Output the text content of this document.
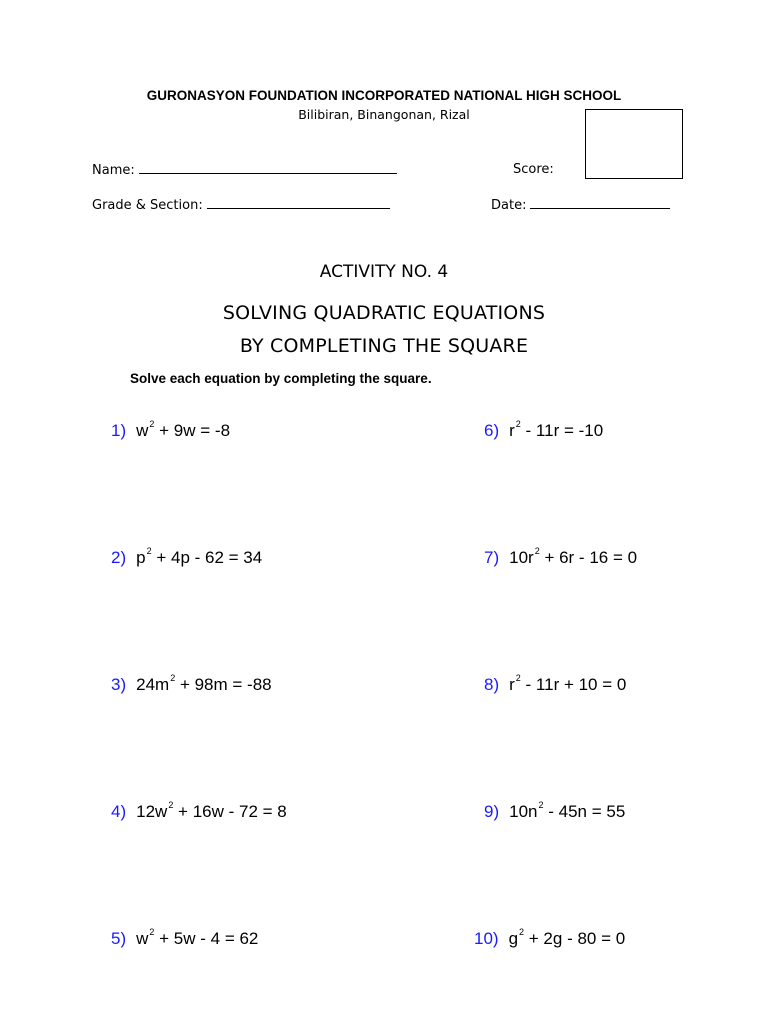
GURONASYON FOUNDATION INCORPORATED NATIONAL HIGH SCHOOL
Bilibiran, Binangonan, Rizal
Name:	Score:
Grade & Section:	Date:
ACTIVITY NO. 4
SOLVING QUADRATIC EQUATIONS
BY COMPLETING THE SQUARE
Solve each equation by completing the square.
1) $w^2 + 9w = -8$
2) $p^2 + 4p - 62 = 34$
3) $24m^2 + 98m = -88$
4) $12w^2 + 16w - 72 = 8$
5) $w^2 + 5w - 4 = 62$
6) $r^2 - 11r = -10$
7) $10r^2 + 6r - 16 = 0$
8) $r^2 - 11r + 10 = 0$
9) $10n^2 - 45n = 55$
10) $g^2 + 2g - 80 = 0$
